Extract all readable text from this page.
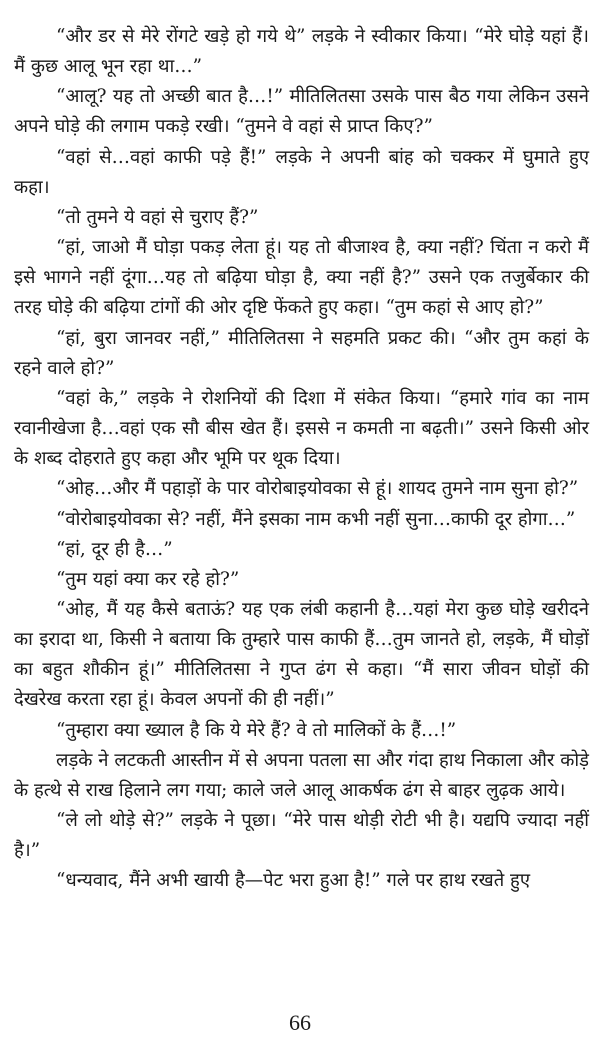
“और डर से मेरे रोंगटे खड़े हो गये थे” लड़के ने स्वीकार किया। “मेरे घोड़े यहां हैं। मैं कुछ आलू भून रहा था…”

“आलू? यह तो अच्छी बात है…!” मीतिलितसा उसके पास बैठ गया लेकिन उसने अपने घोड़े की लगाम पकड़े रखी। “तुमने वे वहां से प्राप्त किए?”

“वहां से…वहां काफी पड़े हैं!” लड़के ने अपनी बांह को चक्कर में घुमाते हुए कहा।

“तो तुमने ये वहां से चुराए हैं?”

“हां, जाओ मैं घोड़ा पकड़ लेता हूं। यह तो बीजाश्व है, क्या नहीं? चिंता न करो मैं इसे भागने नहीं दूंगा…यह तो बढ़िया घोड़ा है, क्या नहीं है?” उसने एक तजुर्बेकार की तरह घोड़े की बढ़िया टांगों की ओर दृष्टि फेंकते हुए कहा। “तुम कहां से आए हो?”

“हां, बुरा जानवर नहीं,” मीतिलितसा ने सहमति प्रकट की। “और तुम कहां के रहने वाले हो?”

“वहां के,” लड़के ने रोशनियों की दिशा में संकेत किया। “हमारे गांव का नाम रवानीखेजा है…वहां एक सौ बीस खेत हैं। इससे न कमती ना बढ़ती।” उसने किसी ओर के शब्द दोहराते हुए कहा और भूमि पर थूक दिया।

“ओह…और मैं पहाड़ों के पार वोरोबाइयोवका से हूं। शायद तुमने नाम सुना हो?”

“वोरोबाइयोवका से? नहीं, मैंने इसका नाम कभी नहीं सुना…काफी दूर होगा…”

“हां, दूर ही है…”

“तुम यहां क्या कर रहे हो?”

“ओह, मैं यह कैसे बताऊं? यह एक लंबी कहानी है…यहां मेरा कुछ घोड़े खरीदने का इरादा था, किसी ने बताया कि तुम्हारे पास काफी हैं…तुम जानते हो, लड़के, मैं घोड़ों का बहुत शौकीन हूं।” मीतिलितसा ने गुप्त ढंग से कहा। “मैं सारा जीवन घोड़ों की देखरेख करता रहा हूं। केवल अपनों की ही नहीं।”

“तुम्हारा क्या ख्याल है कि ये मेरे हैं? वे तो मालिकों के हैं…!”

लड़के ने लटकती आस्तीन में से अपना पतला सा और गंदा हाथ निकाला और कोड़े के हत्थे से राख हिलाने लग गया; काले जले आलू आकर्षक ढंग से बाहर लुढ़क आये।

“ले लो थोड़े से?” लड़के ने पूछा। “मेरे पास थोड़ी रोटी भी है। यद्यपि ज्यादा नहीं है।”

“धन्यवाद, मैंने अभी खायी है—पेट भरा हुआ है!” गले पर हाथ रखते हुए

66
